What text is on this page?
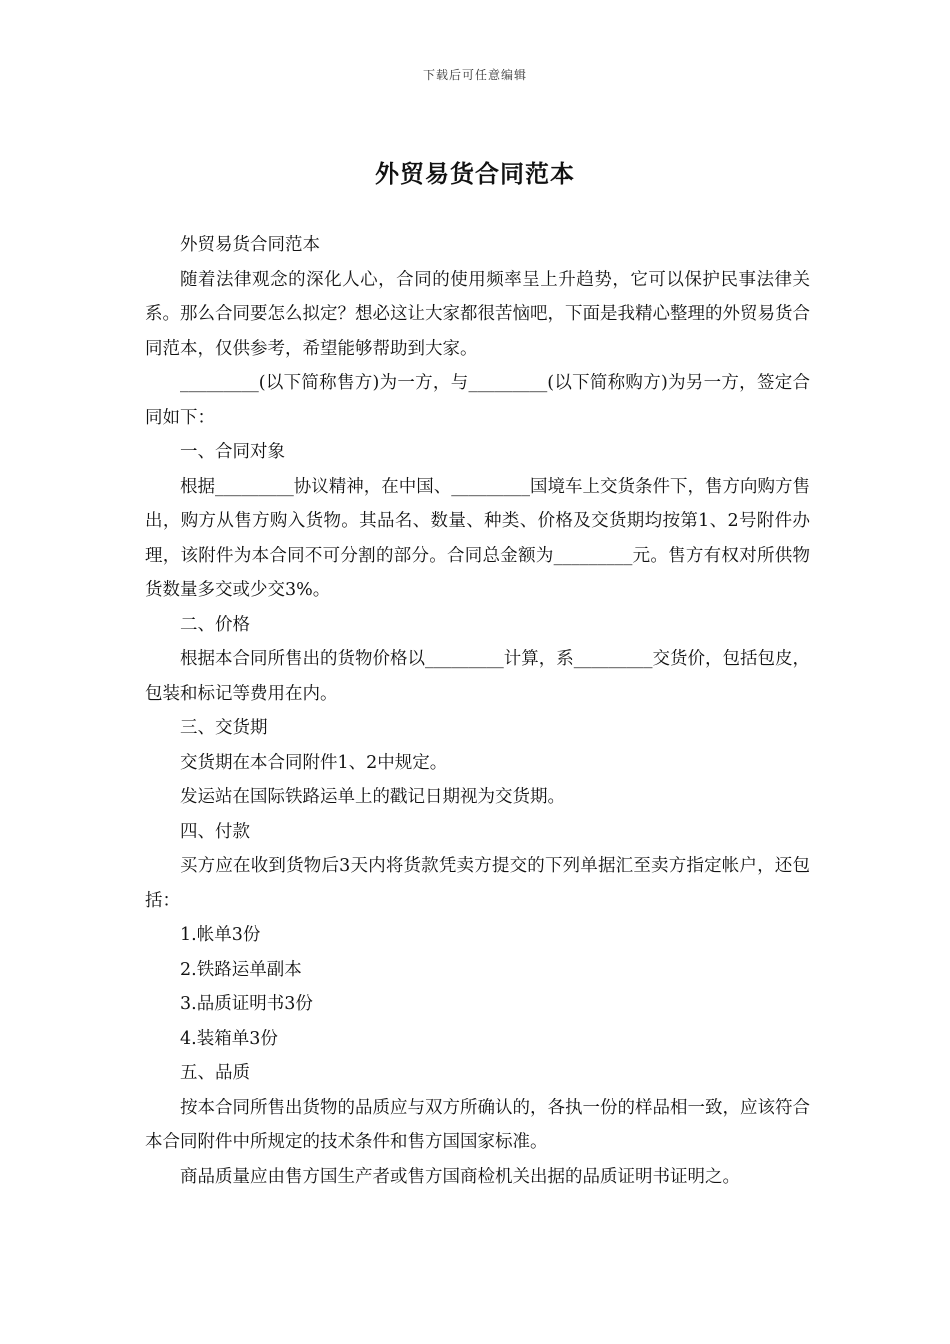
下载后可任意编辑
外贸易货合同范本

外贸易货合同范本

随着法律观念的深化人心，合同的使用频率呈上升趋势，它可以保护民事法律关系。那么合同要怎么拟定？想必这让大家都很苦恼吧，下面是我精心整理的外贸易货合同范本，仅供参考，希望能够帮助到大家。

_________(以下简称售方)为一方，与_________(以下简称购方)为另一方，签定合同如下：

一、合同对象

根据_________协议精神，在中国、_________国境车上交货条件下，售方向购方售出，购方从售方购入货物。其品名、数量、种类、价格及交货期均按第1、2号附件办理，该附件为本合同不可分割的部分。合同总金额为_________元。售方有权对所供物货数量多交或少交3%。

二、价格

根据本合同所售出的货物价格以_________计算，系_________交货价，包括包皮，包装和标记等费用在内。

三、交货期

交货期在本合同附件1、2中规定。

发运站在国际铁路运单上的戳记日期视为交货期。

四、付款

买方应在收到货物后3天内将货款凭卖方提交的下列单据汇至卖方指定帐户，还包括：

1.帐单3份

2.铁路运单副本

3.品质证明书3份

4.装箱单3份

五、品质

按本合同所售出货物的品质应与双方所确认的，各执一份的样品相一致，应该符合本合同附件中所规定的技术条件和售方国国家标准。

商品质量应由售方国生产者或售方国商检机关出据的品质证明书证明之。
